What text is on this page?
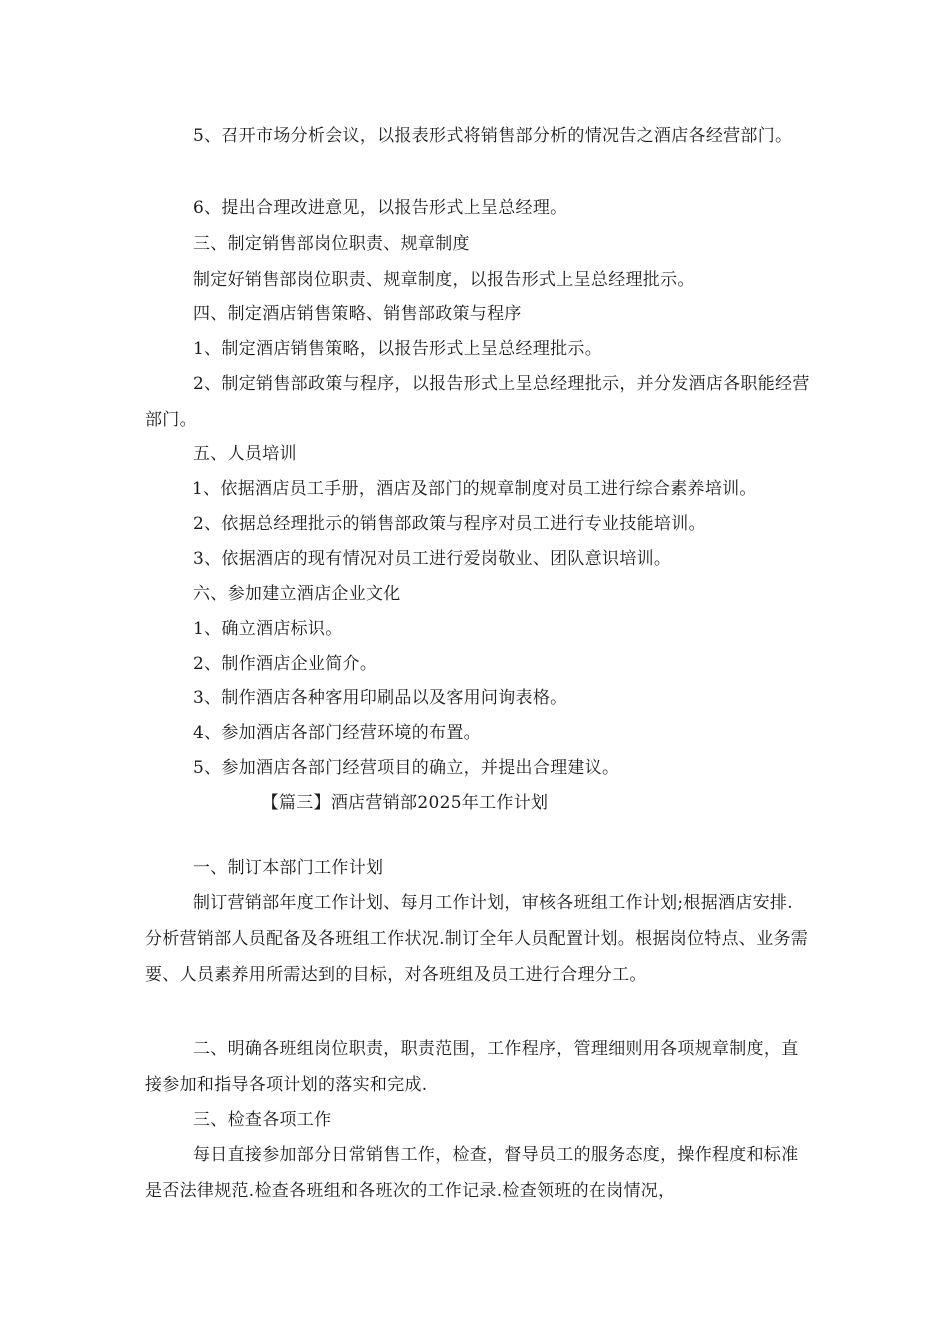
5、召开市场分析会议，以报表形式将销售部分析的情况告之酒店各经营部门。

6、提出合理改进意见，以报告形式上呈总经理。

三、制定销售部岗位职责、规章制度

制定好销售部岗位职责、规章制度，以报告形式上呈总经理批示。

四、制定酒店销售策略、销售部政策与程序

1、制定酒店销售策略，以报告形式上呈总经理批示。

2、制定销售部政策与程序，以报告形式上呈总经理批示，并分发酒店各职能经营部门。

五、人员培训

1、依据酒店员工手册，酒店及部门的规章制度对员工进行综合素养培训。

2、依据总经理批示的销售部政策与程序对员工进行专业技能培训。

3、依据酒店的现有情况对员工进行爱岗敬业、团队意识培训。

六、参加建立酒店企业文化

1、确立酒店标识。

2、制作酒店企业简介。

3、制作酒店各种客用印刷品以及客用问询表格。

4、参加酒店各部门经营环境的布置。

5、参加酒店各部门经营项目的确立，并提出合理建议。

【篇三】酒店营销部2025年工作计划

一、制订本部门工作计划

制订营销部年度工作计划、每月工作计划，审核各班组工作计划;根据酒店安排.分析营销部人员配备及各班组工作状况.制订全年人员配置计划。根据岗位特点、业务需要、人员素养用所需达到的目标，对各班组及员工进行合理分工。

二、明确各班组岗位职责，职责范围，工作程序，管理细则用各项规章制度，直接参加和指导各项计划的落实和完成.

三、检查各项工作

每日直接参加部分日常销售工作，检查，督导员工的服务态度，操作程度和标准是否法律规范.检查各班组和各班次的工作记录.检查领班的在岗情况，
